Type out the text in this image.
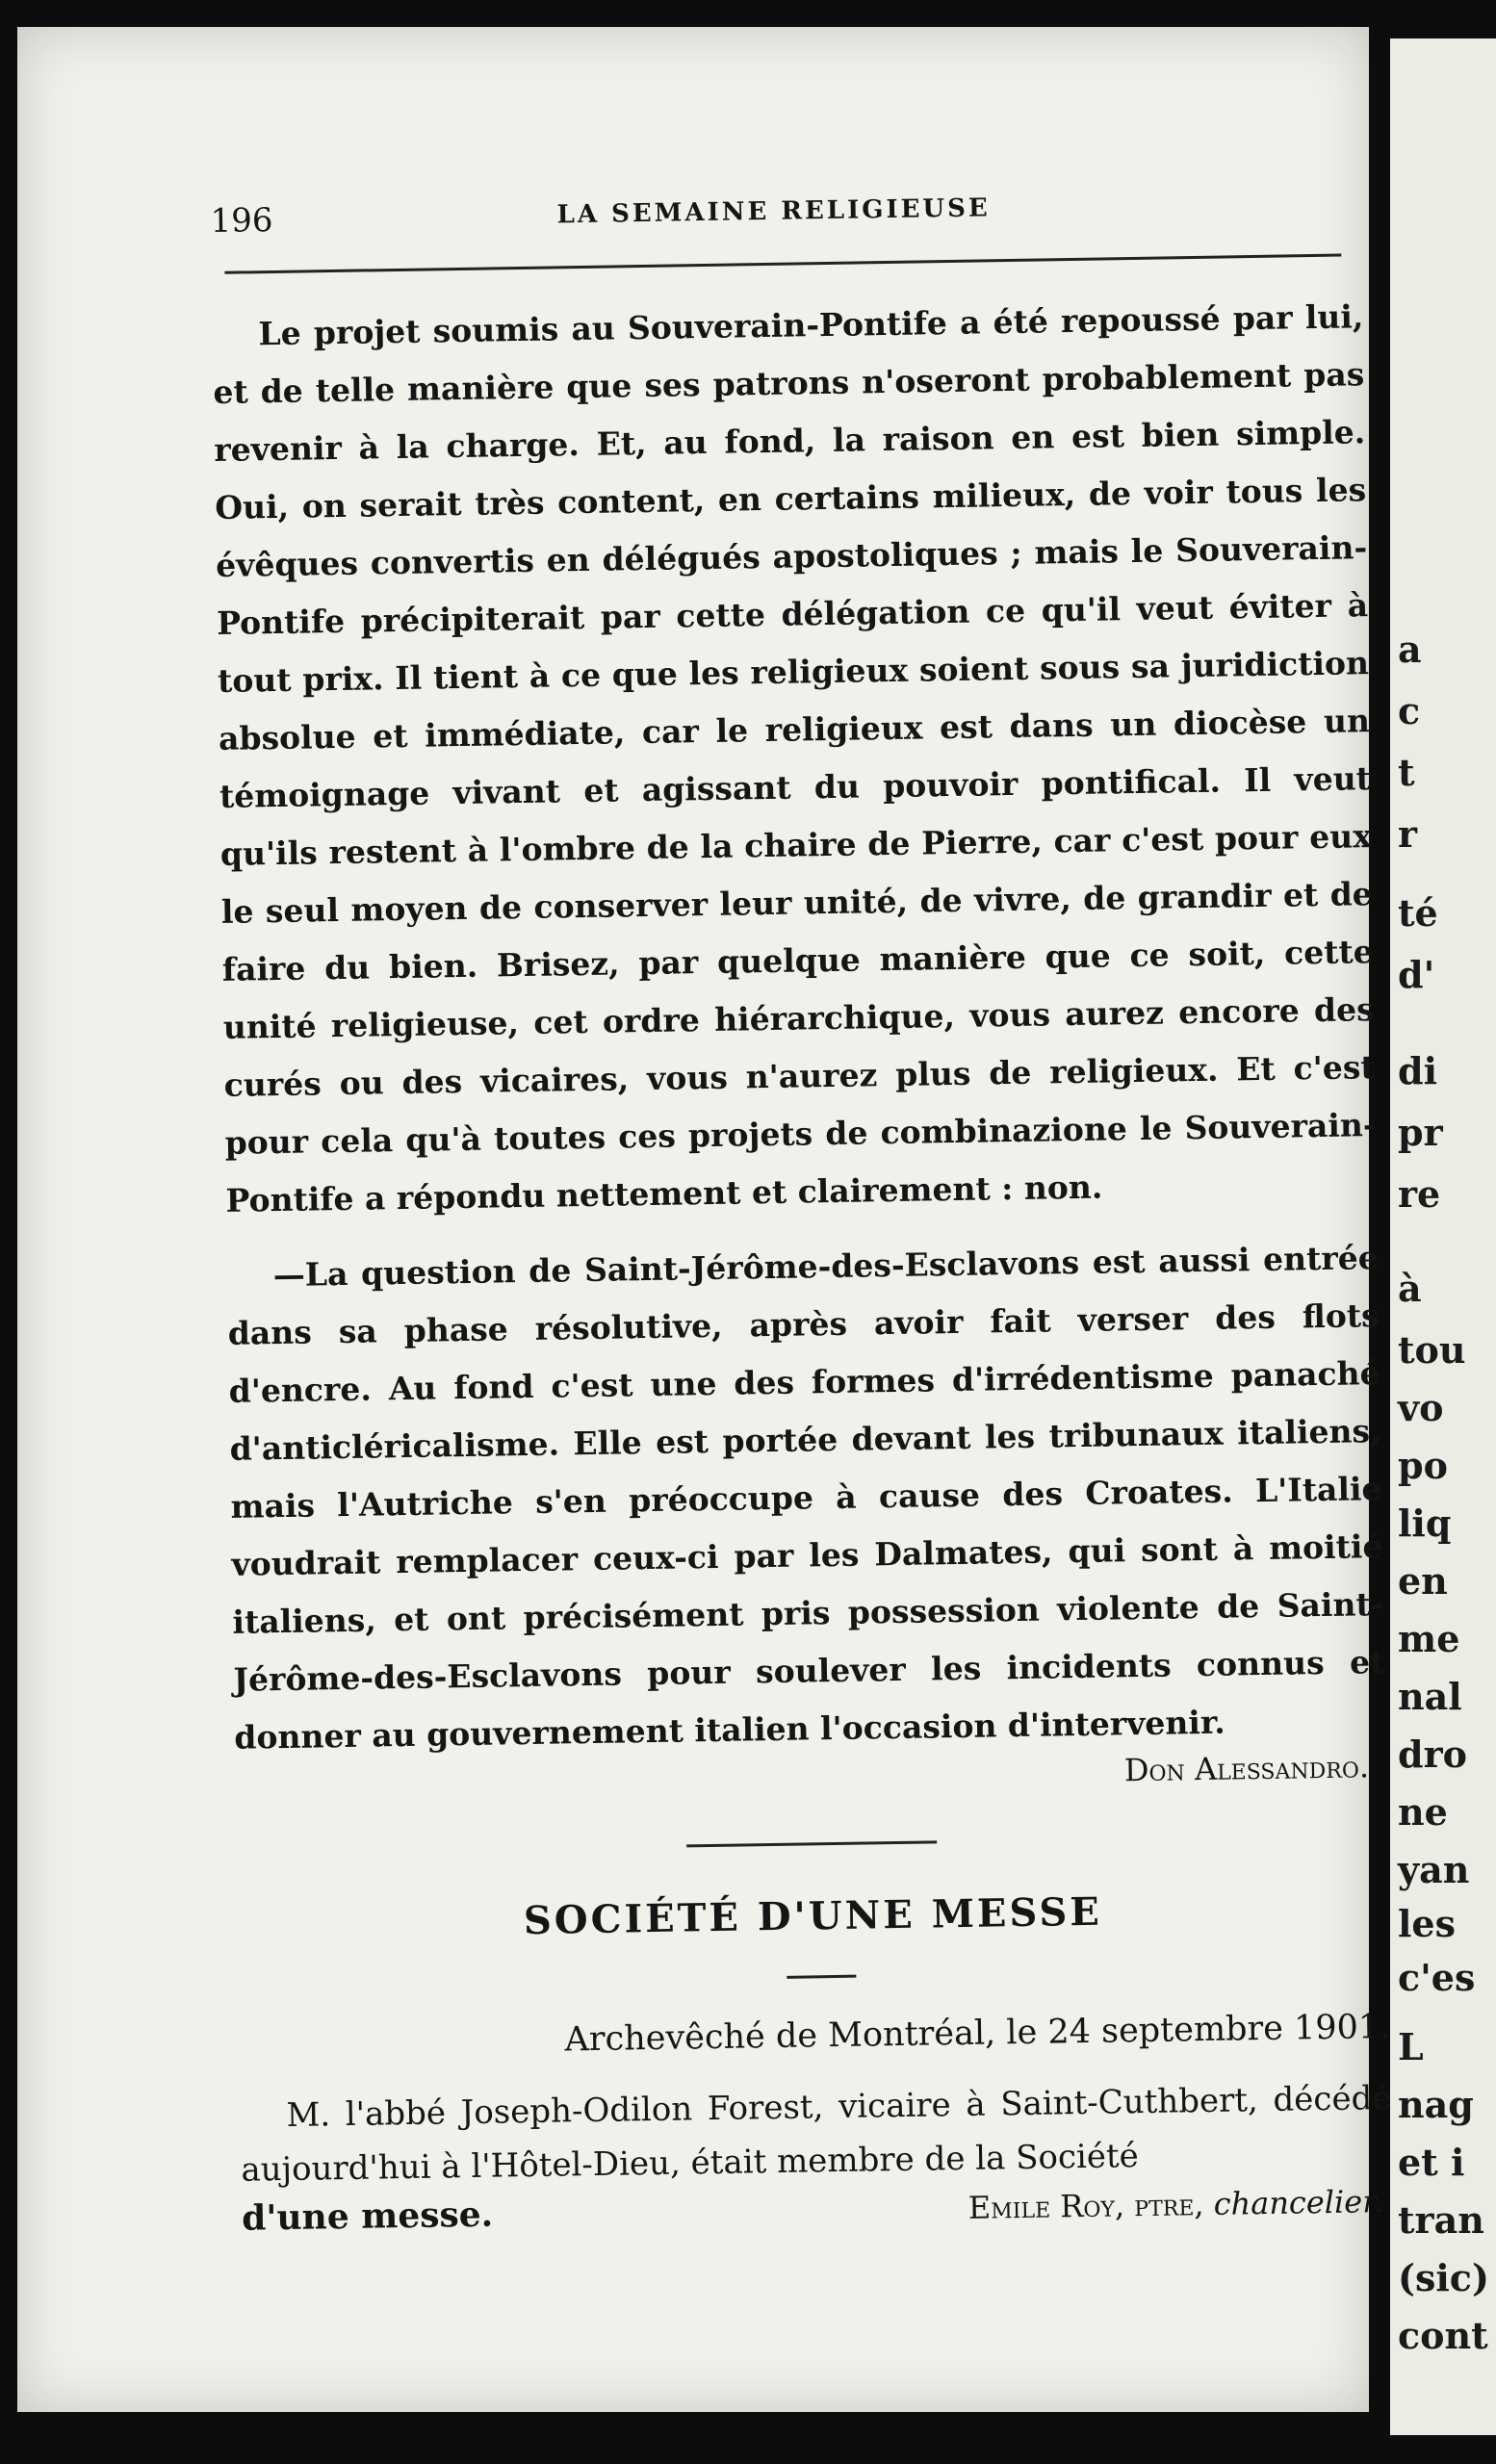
a
c
t
r
té
d'
di
pr
re
à
tou
vo
po
liq
en
me
nal
dro
ne
yan
les
c'es
L
nag
et i
tran
(sic)
cont
196	LA SEMAINE RELIGIEUSE

Le projet soumis au Souverain-Pontife a été repoussé par lui, et de telle manière que ses patrons n'oseront probablement pas revenir à la charge. Et, au fond, la raison en est bien simple. Oui, on serait très content, en certains milieux, de voir tous les évêques convertis en délégués apostoliques ; mais le Souverain-Pontife précipiterait par cette délégation ce qu'il veut éviter à tout prix. Il tient à ce que les religieux soient sous sa juridiction absolue et immédiate, car le religieux est dans un diocèse un témoignage vivant et agissant du pouvoir pontifical. Il veut qu'ils restent à l'ombre de la chaire de Pierre, car c'est pour eux le seul moyen de conserver leur unité, de vivre, de grandir et de faire du bien. Brisez, par quelque manière que ce soit, cette unité religieuse, cet ordre hiérarchique, vous aurez encore des curés ou des vicaires, vous n'aurez plus de religieux. Et c'est pour cela qu'à toutes ces projets de combinazione le Souverain-Pontife a répondu nettement et clairement : non.

—La question de Saint-Jérôme-des-Esclavons est aussi entrée dans sa phase résolutive, après avoir fait verser des flots d'encre. Au fond c'est une des formes d'irrédentisme panaché d'anticléricalisme. Elle est portée devant les tribunaux italiens, mais l'Autriche s'en préoccupe à cause des Croates. L'Italie voudrait remplacer ceux-ci par les Dalmates, qui sont à moitié italiens, et ont précisément pris possession violente de Saint-Jérôme-des-Esclavons pour soulever les incidents connus et donner au gouvernement italien l'occasion d'intervenir.

Don Alessandro.
SOCIÉTÉ D'UNE MESSE
Archevêché de Montréal, le 24 septembre 1901.

M. l'abbé Joseph-Odilon Forest, vicaire à Saint-Cuthbert, décédé aujourd'hui à l'Hôtel-Dieu, était membre de la Société

d'une messe.	Emile Roy, ptre, chancelier.
